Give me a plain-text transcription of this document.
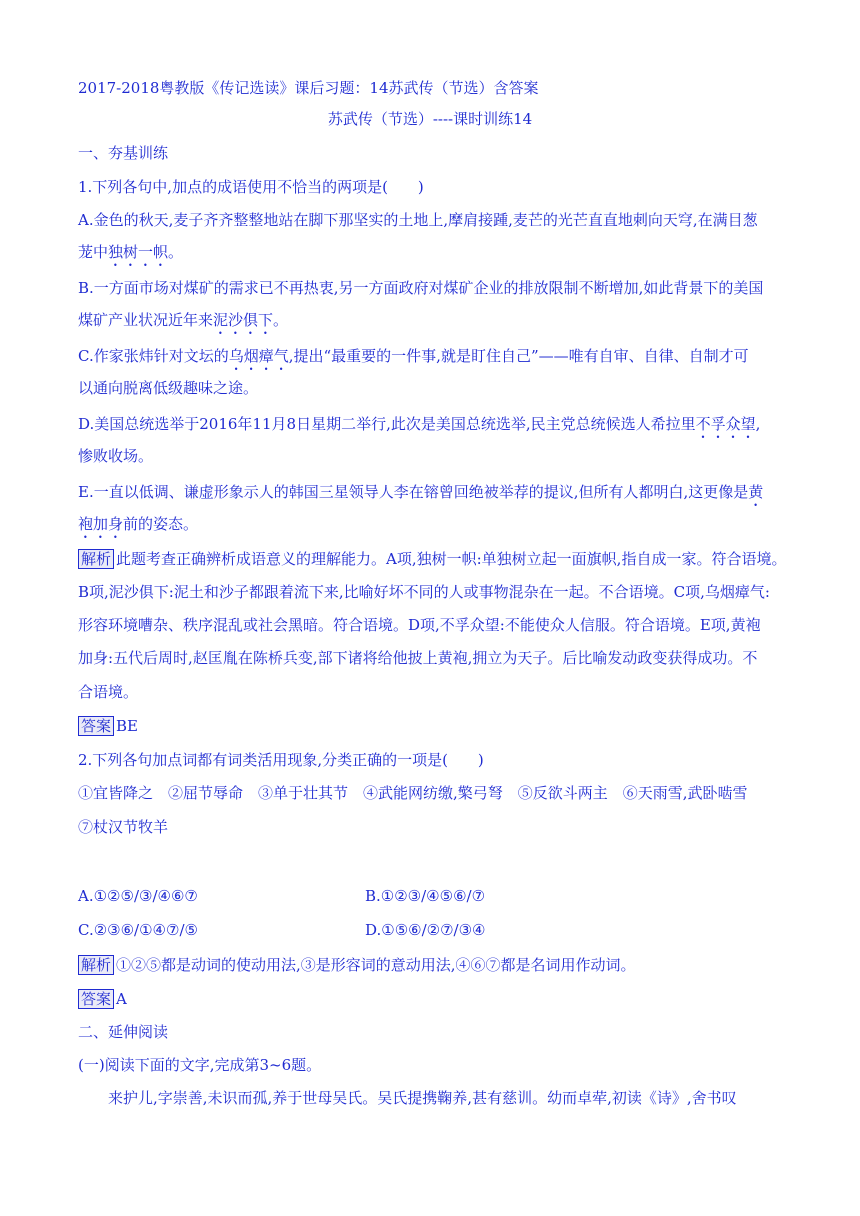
2017-2018粤教版《传记选读》课后习题：14苏武传（节选）含答案
苏武传（节选）----课时训练14
一、夯基训练
1.下列各句中,加点的成语使用不恰当的两项是(　　)
A.金色的秋天,麦子齐齐整整地站在脚下那坚实的土地上,摩肩接踵,麦芒的光芒直直地刺向天穹,在满目葱
茏中独树一帜。
B.一方面市场对煤矿的需求已不再热衷,另一方面政府对煤矿企业的排放限制不断增加,如此背景下的美国
煤矿产业状况近年来泥沙俱下。
C.作家张炜针对文坛的乌烟瘴气,提出“最重要的一件事,就是盯住自己”——唯有自审、自律、自制才可
以通向脱离低级趣味之途。
D.美国总统选举于2016年11月8日星期二举行,此次是美国总统选举,民主党总统候选人希拉里不孚众望,
惨败收场。
E.一直以低调、谦虚形象示人的韩国三星领导人李在镕曾回绝被举荐的提议,但所有人都明白,这更像是黄
袍加身前的姿态。
解析 此题考查正确辨析成语意义的理解能力。A项,独树一帜:单独树立起一面旗帜,指自成一家。符合语境。
B项,泥沙俱下:泥土和沙子都跟着流下来,比喻好坏不同的人或事物混杂在一起。不合语境。C项,乌烟瘴气:
形容环境嘈杂、秩序混乱或社会黑暗。符合语境。D项,不孚众望:不能使众人信服。符合语境。E项,黄袍
加身:五代后周时,赵匡胤在陈桥兵变,部下诸将给他披上黄袍,拥立为天子。后比喻发动政变获得成功。不
合语境。
答案 BE
2.下列各句加点词都有词类活用现象,分类正确的一项是(　　)
①宜皆降之　②屈节辱命　③单于壮其节　④武能网纺缴,檠弓弩　⑤反欲斗两主　⑥天雨雪,武卧啮雪
⑦杖汉节牧羊
A.①②⑤/③/④⑥⑦	B.①②③/④⑤⑥/⑦
C.②③⑥/①④⑦/⑤	D.①⑤⑥/②⑦/③④
解析 ①②⑤都是动词的使动用法,③是形容词的意动用法,④⑥⑦都是名词用作动词。
答案 A
二、延伸阅读
(一)阅读下面的文字,完成第3~6题。
来护儿,字崇善,未识而孤,养于世母吴氏。吴氏提携鞠养,甚有慈训。幼而卓荦,初读《诗》,舍书叹
